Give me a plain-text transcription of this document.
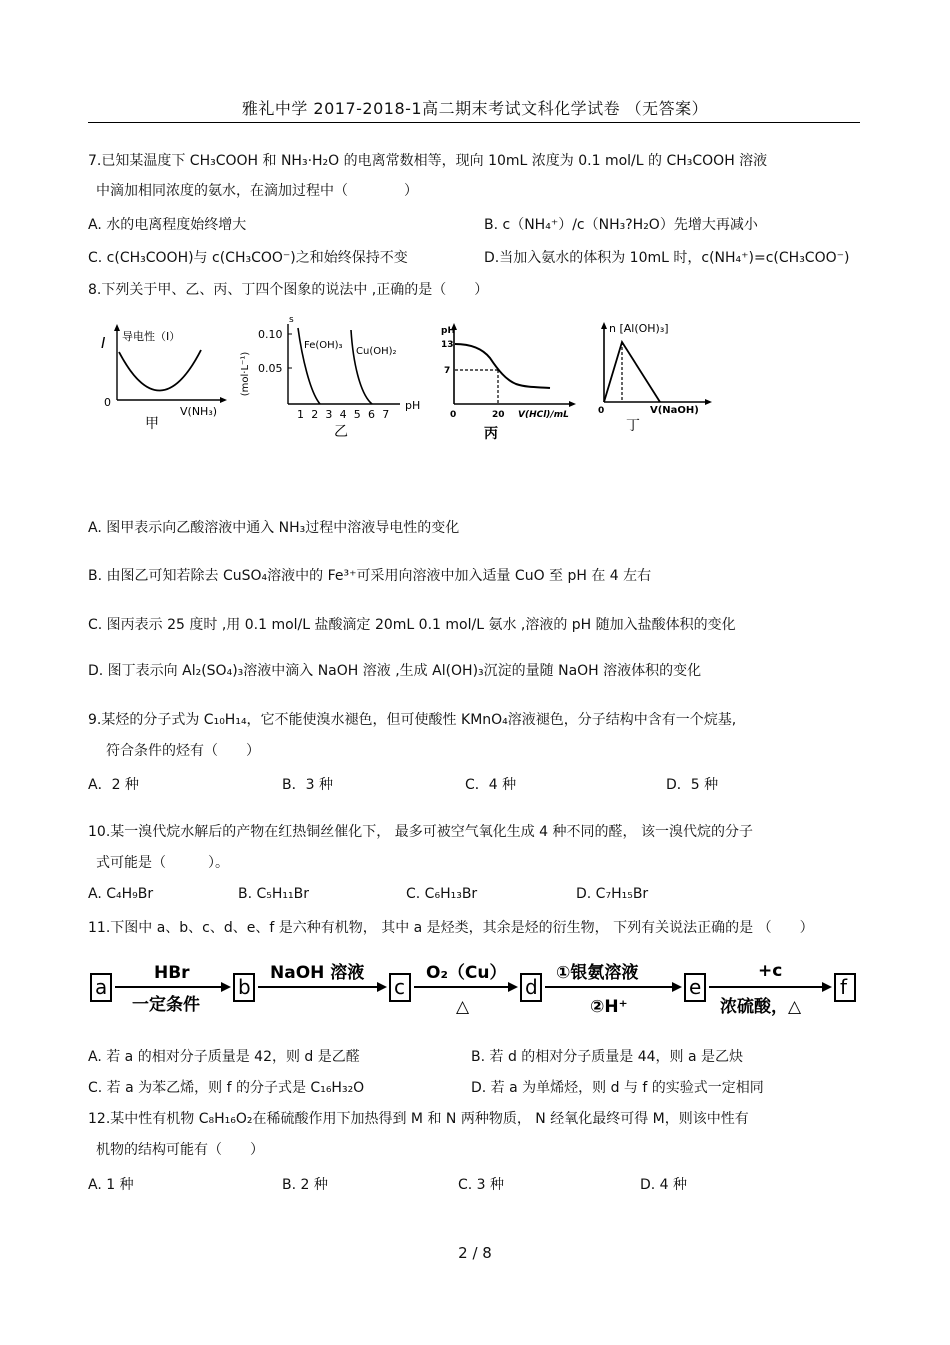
雅礼中学 2017-2018-1高二期末考试文科化学试卷 （无答案）
7.已知某温度下 CH₃COOH 和 NH₃·H₂O 的电离常数相等，现向 10mL 浓度为 0.1 mol/L 的 CH₃COOH 溶液
中滴加相同浓度的氨水，在滴加过程中（　　　　）
A. 水的电离程度始终增大	B. c（NH₄⁺）/c（NH₃?H₂O）先增大再减小
C. c(CH₃COOH)与 c(CH₃COO⁻)之和始终保持不变	D.当加入氨水的体积为 10mL 时，c(NH₄⁺)=c(CH₃COO⁻)
8.下列关于甲、乙、丙、丁四个图象的说法中 ,正确的是（　　）
I 导电性（I）
0
V(NH₃)
甲
(mol·L⁻¹)
0.10
0.05
s
Fe(OH)₃
Cu(OH)₂
1 2 3 4 5 6 7
pH
乙
pH
13
7
0	20 V(HCl)/mL
丙
n [Al(OH)₃]
0	V(NaOH)
丁
A. 图甲表示向乙酸溶液中通入 NH₃过程中溶液导电性的变化
B. 由图乙可知若除去 CuSO₄溶液中的 Fe³⁺可采用向溶液中加入适量 CuO 至 pH 在 4 左右
C. 图丙表示 25 度时 ,用 0.1 mol/L 盐酸滴定 20mL 0.1 mol/L 氨水 ,溶液的 pH 随加入盐酸体积的变化
D. 图丁表示向 Al₂(SO₄)₃溶液中滴入 NaOH 溶液 ,生成 Al(OH)₃沉淀的量随 NaOH 溶液体积的变化
9.某烃的分子式为 C₁₀H₁₄，它不能使溴水褪色，但可使酸性 KMnO₄溶液褪色，分子结构中含有一个烷基,
符合条件的烃有（　　）
A．2 种	B．3 种	C．4 种	D．5 种
10.某一溴代烷水解后的产物在红热铜丝催化下， 最多可被空气氧化生成 4 种不同的醛， 该一溴代烷的分子
式可能是（　　　）。
A. C₄H₉Br	B. C₅H₁₁Br	C. C₆H₁₃Br	D. C₇H₁₅Br
11.下图中 a、b、c、d、e、f 是六种有机物， 其中 a 是烃类，其余是烃的衍生物， 下列有关说法正确的是 （　　）
a	b	c	d	e	f
HBr
一定条件
NaOH 溶液	O₂（Cu）
△
①银氨溶液
②H⁺
+c
浓硫酸，△
A. 若 a 的相对分子质量是 42，则 d 是乙醛	B. 若 d 的相对分子质量是 44，则 a 是乙炔
C. 若 a 为苯乙烯，则 f 的分子式是 C₁₆H₃₂O	D. 若 a 为单烯烃，则 d 与 f 的实验式一定相同
12.某中性有机物 C₈H₁₆O₂在稀硫酸作用下加热得到 M 和 N 两种物质， N 经氧化最终可得 M，则该中性有
机物的结构可能有（　　）
A. 1 种	B. 2 种	C. 3 种	D. 4 种
2 / 8
